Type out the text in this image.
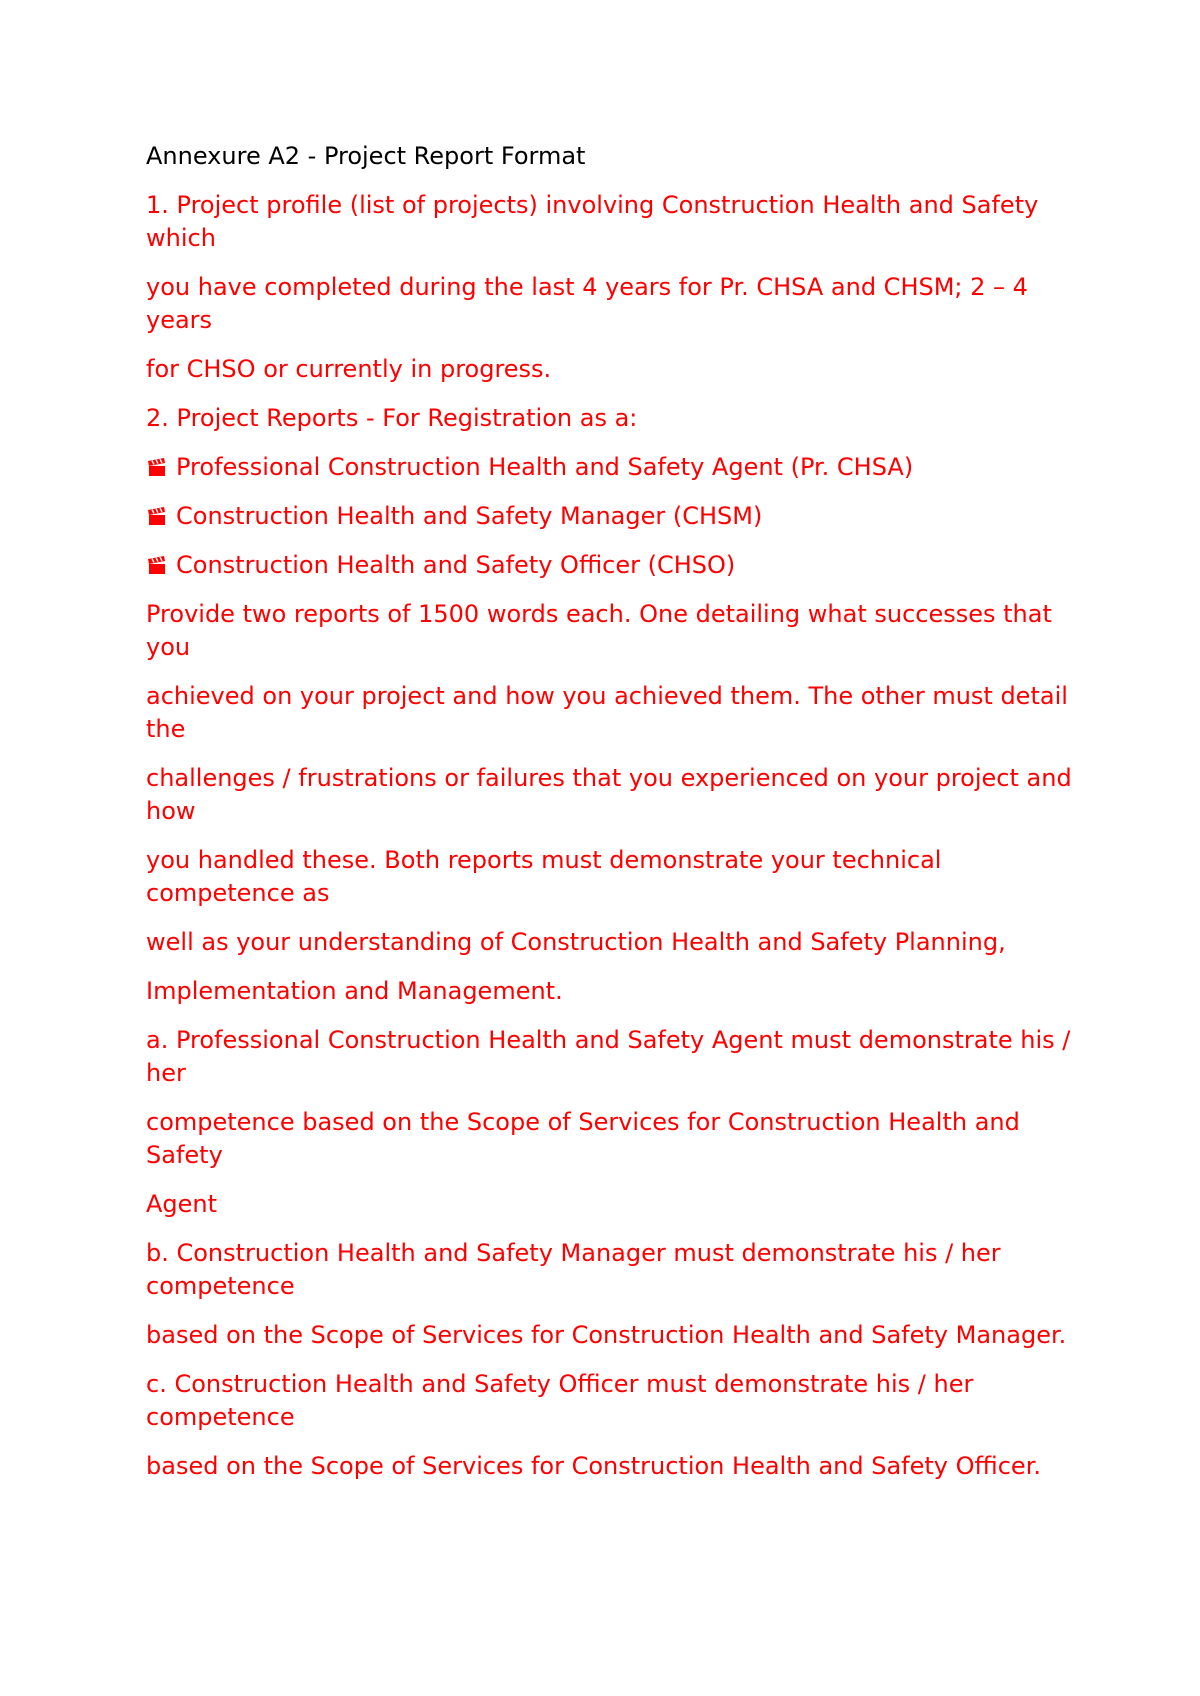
Annexure A2 - Project Report Format

1. Project profile (list of projects) involving Construction Health and Safety which

you have completed during the last 4 years for Pr. CHSA and CHSM; 2 – 4 years

for CHSO or currently in progress.

2. Project Reports - For Registration as a:

Professional Construction Health and Safety Agent (Pr. CHSA)

Construction Health and Safety Manager (CHSM)

Construction Health and Safety Officer (CHSO)

Provide two reports of 1500 words each. One detailing what successes that you

achieved on your project and how you achieved them. The other must detail the

challenges / frustrations or failures that you experienced on your project and how

you handled these. Both reports must demonstrate your technical competence as

well as your understanding of Construction Health and Safety Planning,

Implementation and Management.

a. Professional Construction Health and Safety Agent must demonstrate his / her

competence based on the Scope of Services for Construction Health and Safety

Agent

b. Construction Health and Safety Manager must demonstrate his / her competence

based on the Scope of Services for Construction Health and Safety Manager.

c. Construction Health and Safety Officer must demonstrate his / her competence

based on the Scope of Services for Construction Health and Safety Officer.
